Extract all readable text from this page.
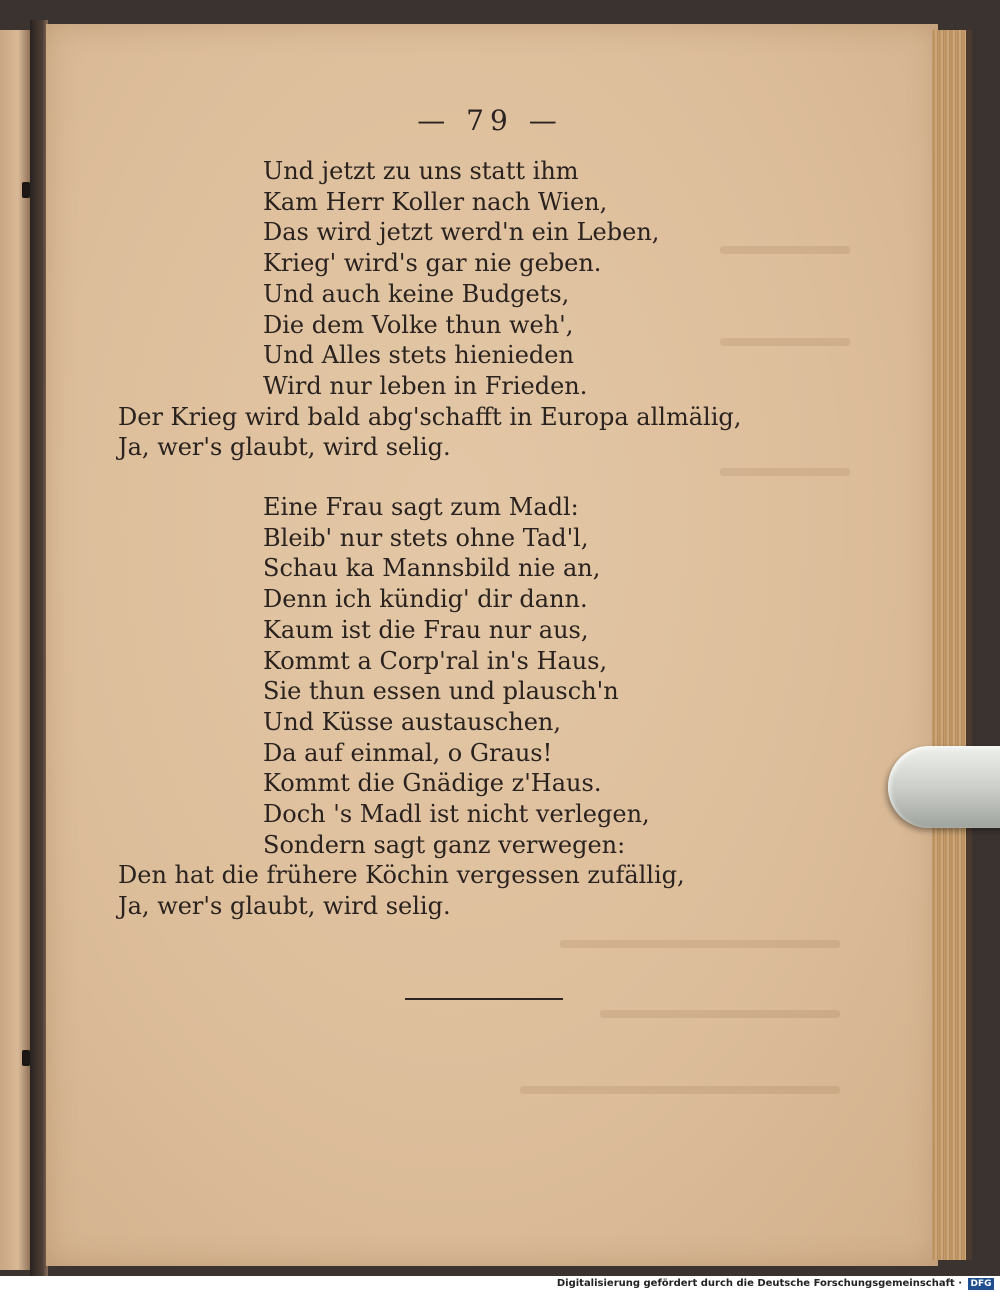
— 79 —

Und jetzt zu uns statt ihm

Kam Herr Koller nach Wien,

Das wird jetzt werd'n ein Leben,

Krieg' wird's gar nie geben.

Und auch keine Budgets,

Die dem Volke thun weh',

Und Alles stets hienieden

Wird nur leben in Frieden.

Der Krieg wird bald abg'schafft in Europa allmälig,

Ja, wer's glaubt, wird selig.

Eine Frau sagt zum Madl:

Bleib' nur stets ohne Tad'l,

Schau ka Mannsbild nie an,

Denn ich kündig' dir dann.

Kaum ist die Frau nur aus,

Kommt a Corp'ral in's Haus,

Sie thun essen und plausch'n

Und Küsse austauschen,

Da auf einmal, o Graus!

Kommt die Gnädige z'Haus.

Doch 's Madl ist nicht verlegen,

Sondern sagt ganz verwegen:

Den hat die frühere Köchin vergessen zufällig,

Ja, wer's glaubt, wird selig.

Digitalisierung gefördert durch die Deutsche Forschungsgemeinschaft · DFG
